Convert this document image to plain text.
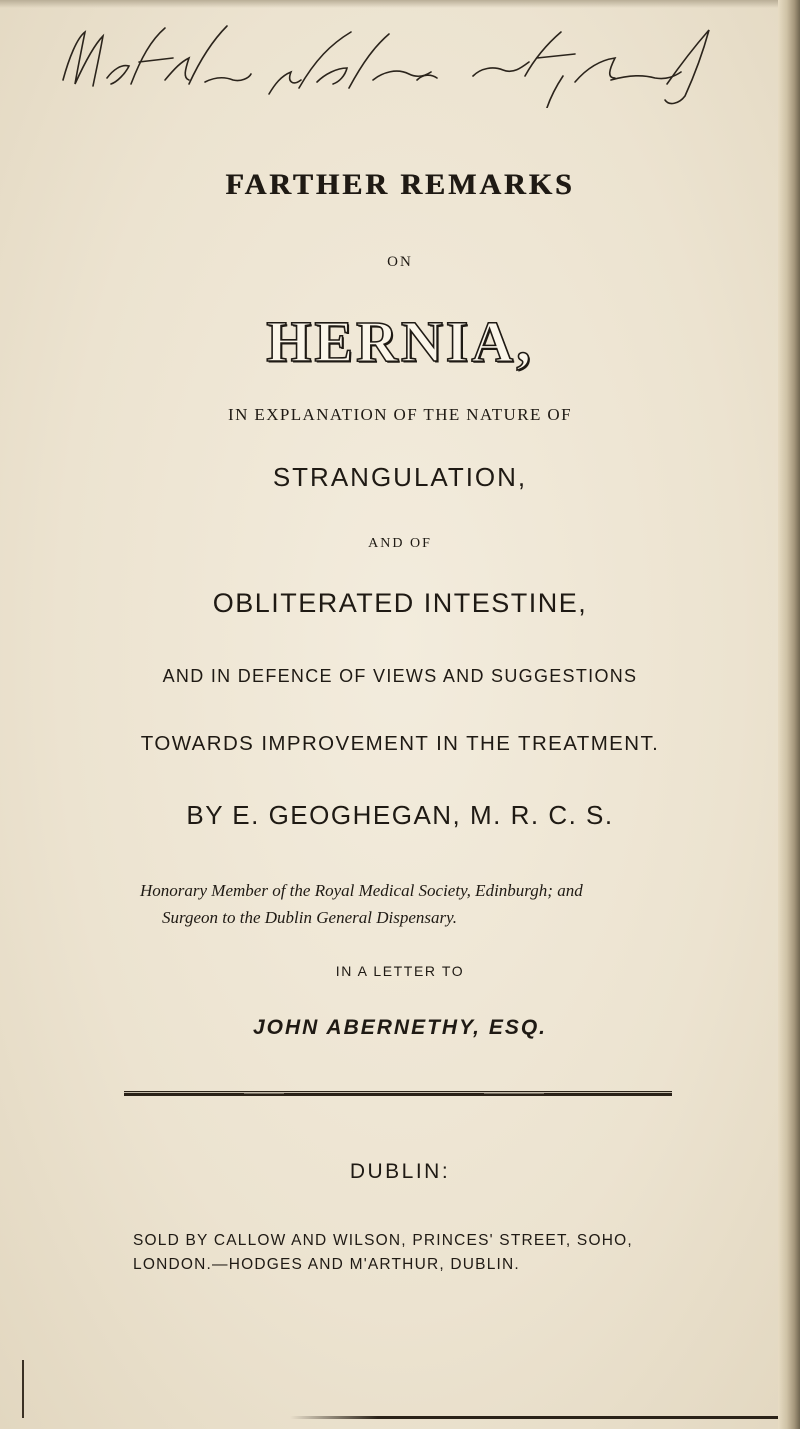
FARTHER REMARKS
ON
HERNIA,
IN EXPLANATION OF THE NATURE OF
STRANGULATION,
AND OF
OBLITERATED INTESTINE,
AND IN DEFENCE OF VIEWS AND SUGGESTIONS
TOWARDS IMPROVEMENT IN THE TREATMENT.
BY E. GEOGHEGAN, M. R. C. S.
Honorary Member of the Royal Medical Society, Edinburgh; and
Surgeon to the Dublin General Dispensary.
IN A LETTER TO
JOHN ABERNETHY, ESQ.
DUBLIN:
SOLD BY CALLOW AND WILSON, PRINCES' STREET, SOHO,
LONDON.—HODGES AND M'ARTHUR, DUBLIN.
